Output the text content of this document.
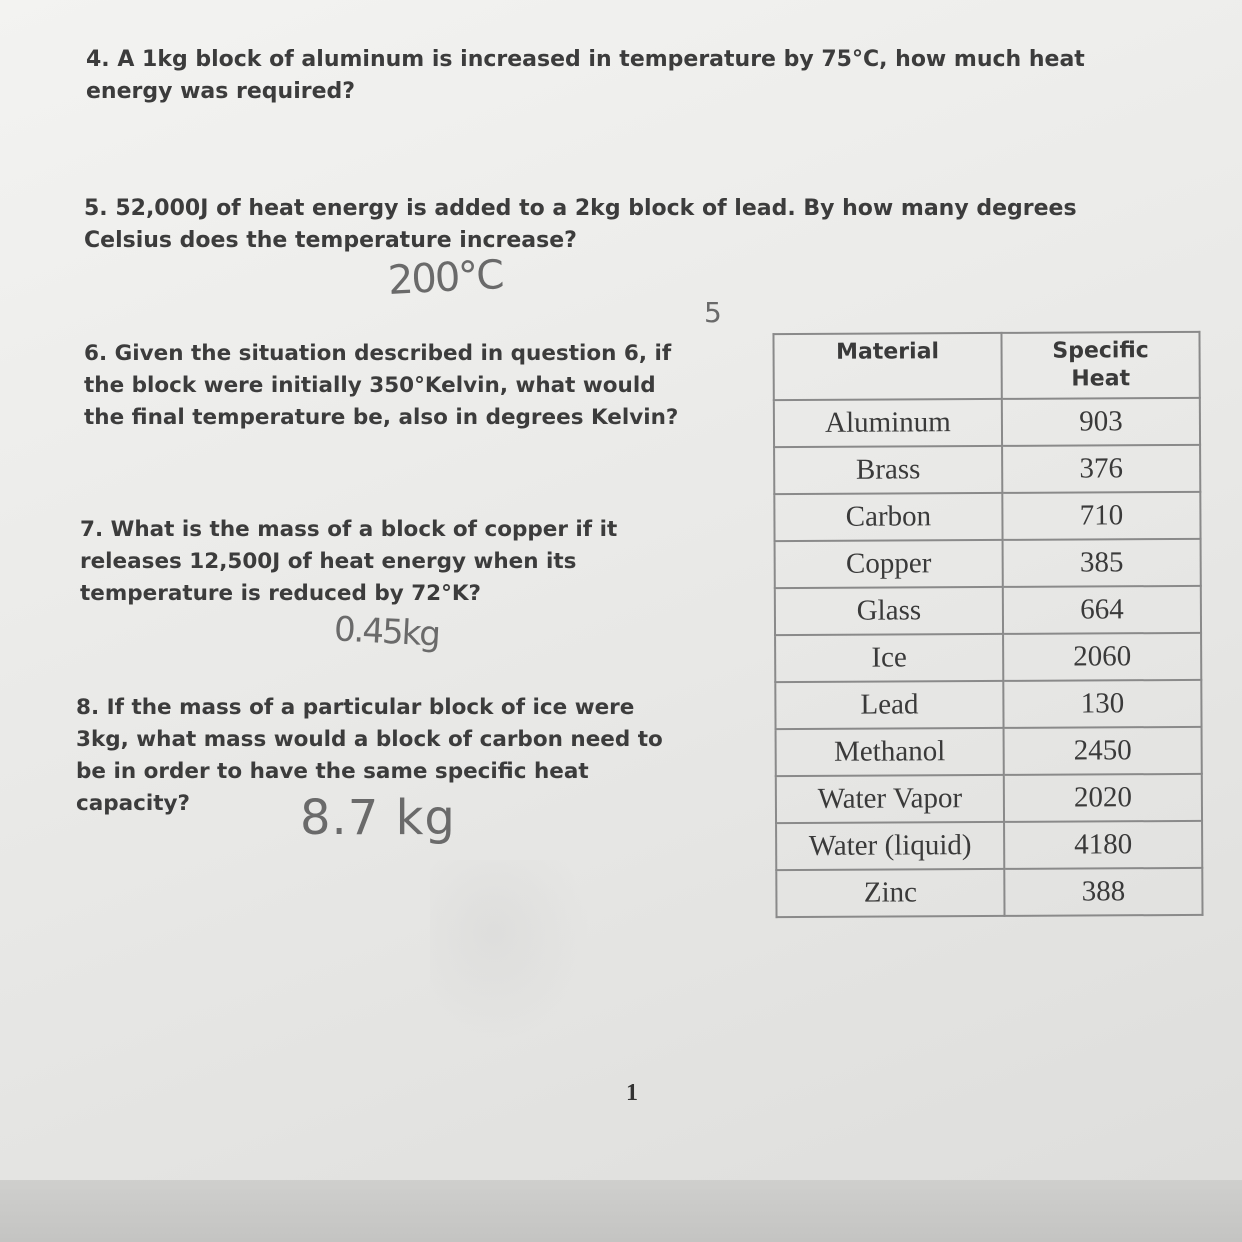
4. A 1kg block of aluminum is increased in temperature by 75°C, how much heat
energy was required?
5. 52,000J of heat energy is added to a 2kg block of lead. By how many degrees
Celsius does the temperature increase?
200°C
6. Given the situation described in question 6, if
the block were initially 350°Kelvin, what would
the final temperature be, also in degrees Kelvin?
5
7. What is the mass of a block of copper if it
releases 12,500J of heat energy when its
temperature is reduced by 72°K?
0.45kg
8. If the mass of a particular block of ice were
3kg, what mass would a block of carbon need to
be in order to have the same specific heat
capacity?	8.7 kg
Material	Specific
Heat
Aluminum	903
Brass	376
Carbon	710
Copper	385
Glass	664
Ice	2060
Lead	130
Methanol	2450
Water Vapor	2020
Water (liquid)	4180
Zinc	388
1
